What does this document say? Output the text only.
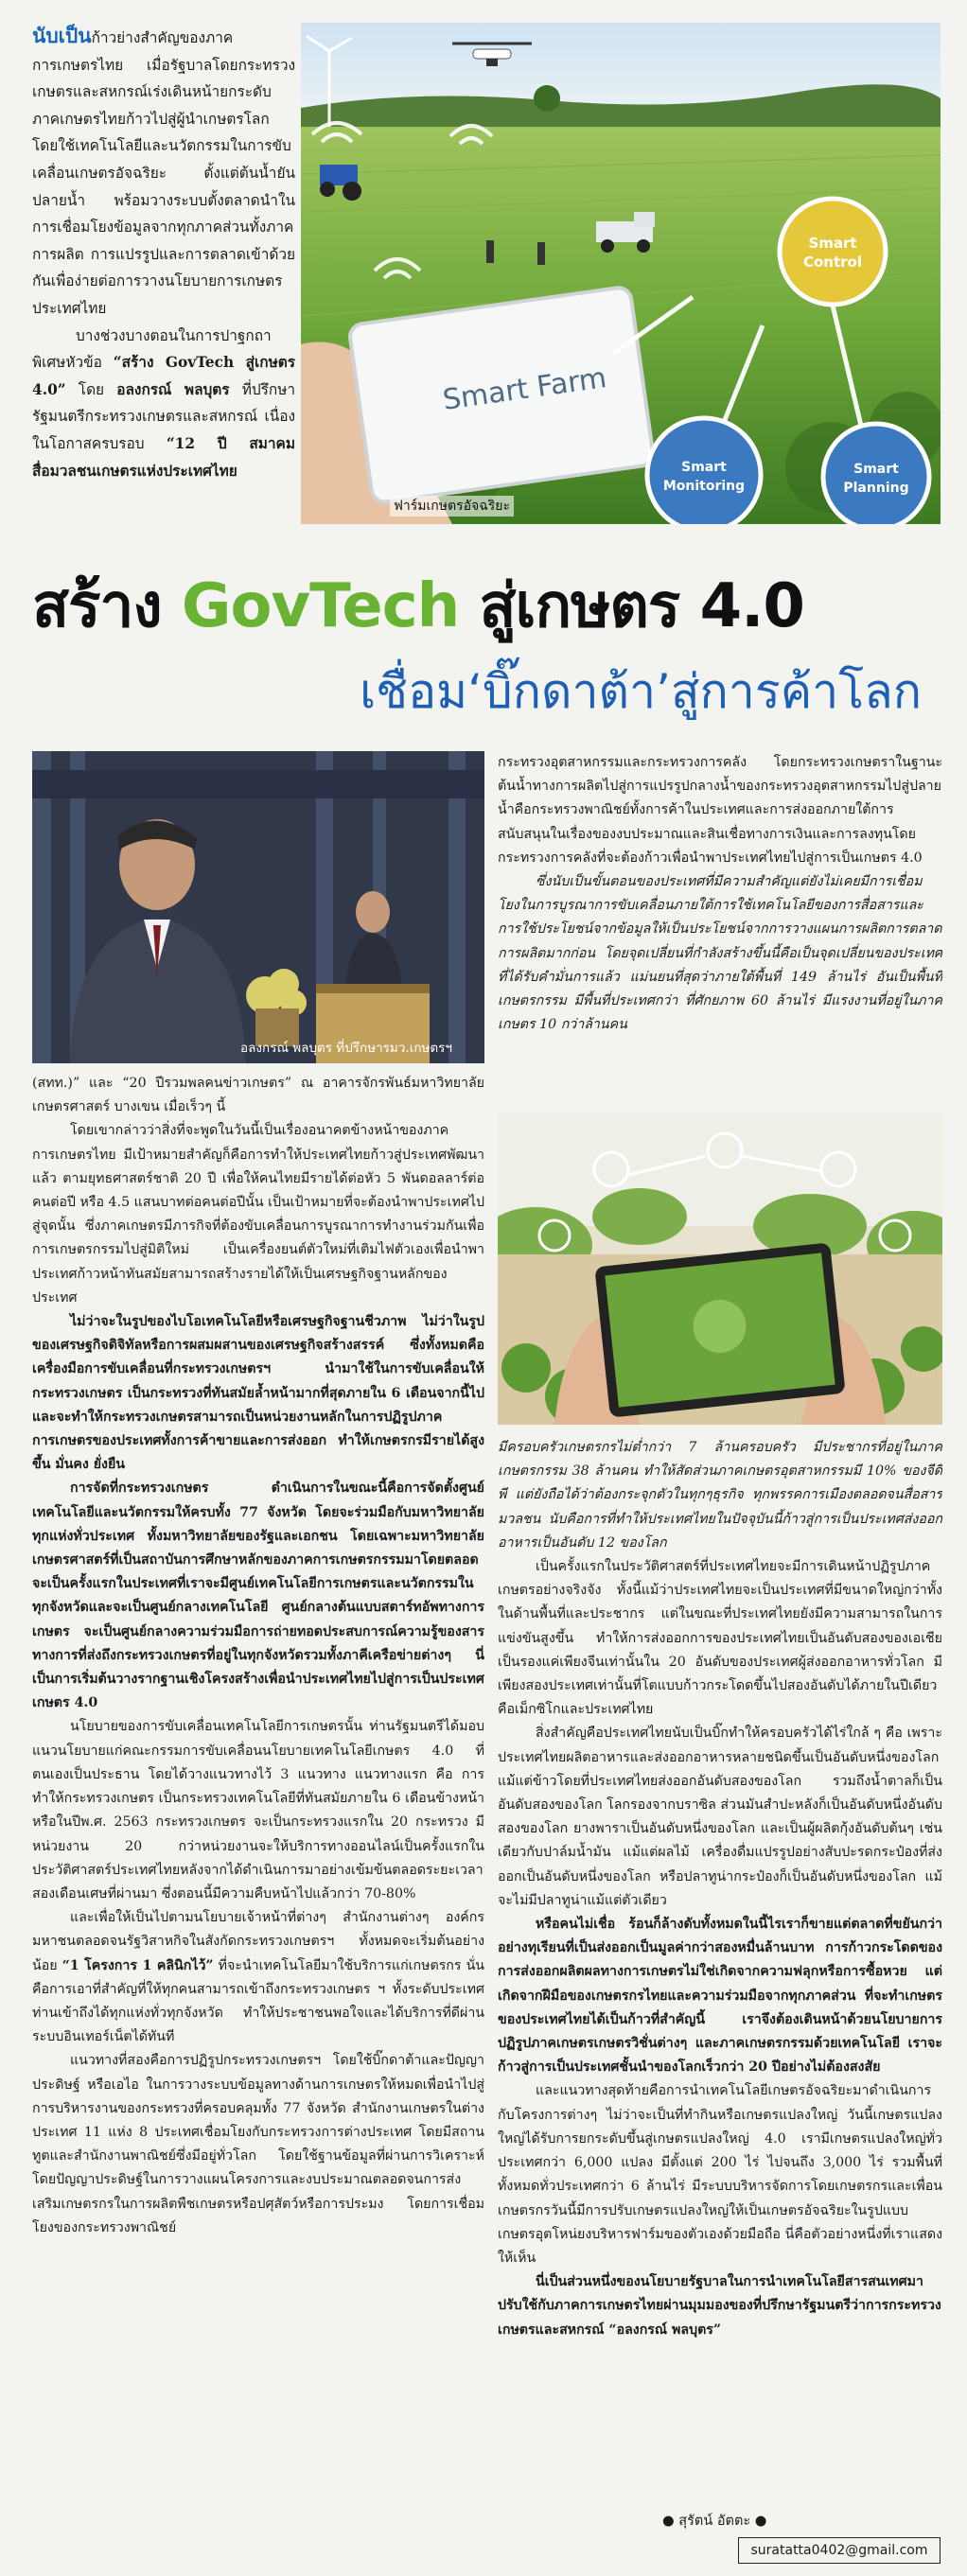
นับเป็นก้าวย่างสำคัญของภาคการเกษตรไทย เมื่อรัฐบาลโดยกระทรวงเกษตรและสหกรณ์เร่งเดินหน้ายกระดับภาคเกษตรไทยก้าวไปสู่ผู้นำเกษตรโลก โดยใช้เทคโนโลยีและนวัตกรรมในการขับเคลื่อนเกษตรอัจฉริยะ ตั้งแต่ต้นน้ำยันปลายน้ำ พร้อมวางระบบตั้งตลาดนำในการเชื่อมโยงข้อมูลจากทุกภาคส่วนทั้งภาคการผลิต การแปรรูปและการตลาดเข้าด้วยกันเพื่อง่ายต่อการวางนโยบายการเกษตรประเทศไทย

บางช่วงบางตอนในการปาฐกถาพิเศษหัวข้อ “สร้าง GovTech สู่เกษตร 4.0” โดย อลงกรณ์ พลบุตร ที่ปรึกษารัฐมนตรีกระทรวงเกษตรและสหกรณ์ เนื่องในโอกาสครบรอบ “12 ปี สมาคมสื่อมวลชนเกษตรแห่งประเทศไทย

Smart Farm
Smart
Control
Smart
Monitoring
Smart
Planning
ฟาร์มเกษตรอัจฉริยะ
สร้าง GovTech สู่เกษตร 4.0
เชื่อม‘บิ๊กดาต้า’สู่การค้าโลก
อลงกรณ์ พลบุตร ที่ปรึกษารมว.เกษตรฯ

กระทรวงอุตสาหกรรมและกระทรวงการคลัง โดยกระทรวงเกษตราในฐานะต้นน้ำทางการผลิตไปสู่การแปรรูปกลางน้ำของกระทรวงอุตสาหกรรมไปสู่ปลายน้ำคือกระทรวงพาณิชย์ทั้งการค้าในประเทศและการส่งออกภายใต้การสนับสนุนในเรื่องของงบประมาณและสินเชื่อทางการเงินและการลงทุนโดยกระทรวงการคลังที่จะต้องก้าวเพื่อนำพาประเทศไทยไปสู่การเป็นเกษตร 4.0

ซึ่งนับเป็นขั้นตอนของประเทศที่มีความสำคัญแต่ยังไม่เคยมีการเชื่อมโยงในการบูรณาการขับเคลื่อนภายใต้การใช้เทคโนโลยีของการสื่อสารและการใช้ประโยชน์จากข้อมูลให้เป็นประโยชน์จากการวางแผนการผลิตการตลาด การผลิตมากก่อน โดยจุดเปลี่ยนที่กำลังสร้างขึ้นนี้คือเป็นจุดเปลี่ยนของประเทศที่ได้รับคำมั่นการแล้ว แม่นยนที่สุดว่าภายใต้พื้นที่ 149 ล้านไร่ อันเป็นพื้นที่เกษตรกรรม มีพื้นที่ประเทศกว่า ที่ศักยภาพ 60 ล้านไร่ มีแรงงานที่อยู่ในภาคเกษตร 10 กว่าล้านคน

(สทท.)” และ “20 ปีรวมพลคนข่าวเกษตร” ณ อาคารจักรพันธ์มหาวิทยาลัยเกษตรศาสตร์ บางเขน เมื่อเร็วๆ นี้

โดยเขากล่าวว่าสิ่งที่จะพูดในวันนี้เป็นเรื่องอนาคตข้างหน้าของภาคการเกษตรไทย มีเป้าหมายสำคัญก็คือการทำให้ประเทศไทยก้าวสู่ประเทศพัฒนาแล้ว ตามยุทธศาสตร์ชาติ 20 ปี เพื่อให้คนไทยมีรายได้ต่อหัว 5 พันดอลลาร์ต่อคนต่อปี หรือ 4.5 แสนบาทต่อคนต่อปีนั้น เป็นเป้าหมายที่จะต้องนำพาประเทศไปสู่จุดนั้น ซึ่งภาคเกษตรมีภารกิจที่ต้องขับเคลื่อนการบูรณาการทำงานร่วมกันเพื่อการเกษตรกรรมไปสู่มิติใหม่ เป็นเครื่องยนต์ตัวใหม่ที่เติมไฟตัวเองเพื่อนำพาประเทศก้าวหน้าทันสมัยสามารถสร้างรายได้ให้เป็นเศรษฐกิจฐานหลักของประเทศ

ไม่ว่าจะในรูปของไบโอเทคโนโลยีหรือเศรษฐกิจฐานชีวภาพ ไม่ว่าในรูปของเศรษฐกิจดิจิทัลหรือการผสมผสานของเศรษฐกิจสร้างสรรค์ ซึ่งทั้งหมดคือเครื่องมือการขับเคลื่อนที่กระทรวงเกษตรฯ นำมาใช้ในการขับเคลื่อนให้กระทรวงเกษตร เป็นกระทรวงที่ทันสมัยล้ำหน้ามากที่สุดภายใน 6 เดือนจากนี้ไปและจะทำให้กระทรวงเกษตรสามารถเป็นหน่วยงานหลักในการปฏิรูปภาคการเกษตรของประเทศทั้งการค้าขายและการส่งออก ทำให้เกษตรกรมีรายได้สูงขึ้น มั่นคง ยั่งยืน

การจัดที่กระทรวงเกษตร ดำเนินการในขณะนี้คือการจัดตั้งศูนย์เทคโนโลยีและนวัตกรรมให้ครบทั้ง 77 จังหวัด โดยจะร่วมมือกับมหาวิทยาลัยทุกแห่งทั่วประเทศ ทั้งมหาวิทยาลัยของรัฐและเอกชน โดยเฉพาะมหาวิทยาลัยเกษตรศาสตร์ที่เป็นสถาบันการศึกษาหลักของภาคการเกษตรกรรมมาโดยตลอด จะเป็นครั้งแรกในประเทศที่เราจะมีศูนย์เทคโนโลยีการเกษตรและนวัตกรรมในทุกจังหวัดและจะเป็นศูนย์กลางเทคโนโลยี ศูนย์กลางต้นแบบสตาร์ทอัพทางการเกษตร จะเป็นศูนย์กลางความร่วมมือการถ่ายทอดประสบการณ์ความรู้ของสารทางการที่ส่งถึงกระทรวงเกษตรที่อยู่ในทุกจังหวัดรวมทั้งภาคีเครือข่ายต่างๆ นี่เป็นการเริ่มต้นวางรากฐานเชิงโครงสร้างเพื่อนำประเทศไทยไปสู่การเป็นประเทศเกษตร 4.0

นโยบายของการขับเคลื่อนเทคโนโลยีการเกษตรนั้น ท่านรัฐมนตรีได้มอบแนวนโยบายแก่คณะกรรมการขับเคลื่อนนโยบายเทคโนโลยีเกษตร 4.0 ที่ตนเองเป็นประธาน โดยได้วางแนวทางไว้ 3 แนวทาง แนวทางแรก คือ การทำให้กระทรวงเกษตร เป็นกระทรวงเทคโนโลยีที่ทันสมัยภายใน 6 เดือนข้างหน้าหรือในปีพ.ศ. 2563 กระทรวงเกษตร จะเป็นกระทรวงแรกใน 20 กระทรวง มีหน่วยงาน 20 กว่าหน่วยงานจะให้บริการทางออนไลน์เป็นครั้งแรกในประวัติศาสตร์ประเทศไทยหลังจากได้ดำเนินการมาอย่างเข้มข้นตลอดระยะเวลาสองเดือนเศษที่ผ่านมา ซึ่งตอนนี้มีความคืบหน้าไปแล้วกว่า 70-80%

และเพื่อให้เป็นไปตามนโยบายเจ้าหน้าที่ต่างๆ สำนักงานต่างๆ องค์กรมหาชนตลอดจนรัฐวิสาหกิจในสังกัดกระทรวงเกษตรฯ ทั้งหมดจะเริ่มต้นอย่างน้อย “1 โครงการ 1 คลินิกไว้” ที่จะนำเทคโนโลยีมาใช้บริการแก่เกษตรกร นั่นคือการเอาที่สำคัญที่ให้ทุกคนสามารถเข้าถึงกระทรวงเกษตร ฯ ทั้งระดับประเทศ ท่านเข้าถึงได้ทุกแห่งทั่วทุกจังหวัด ทำให้ประชาชนพอใจและได้บริการที่ดีผ่านระบบอินเทอร์เน็ตได้ทันที

แนวทางที่สองคือการปฏิรูปกระทรวงเกษตรฯ โดยใช้บิ๊กดาต้าและปัญญาประดิษฐ์ หรือเอไอ ในการวางระบบข้อมูลทางด้านการเกษตรให้หมดเพื่อนำไปสู่การบริหารงานของกระทรวงที่ครอบคลุมทั้ง 77 จังหวัด สำนักงานเกษตรในต่างประเทศ 11 แห่ง 8 ประเทศเชื่อมโยงกับกระทรวงการต่างประเทศ โดยมีสถานทูตและสำนักงานพาณิชย์ซึ่งมีอยู่ทั่วโลก โดยใช้ฐานข้อมูลที่ผ่านการวิเคราะห์โดยปัญญาประดิษฐ์ในการวางแผนโครงการและงบประมาณตลอดจนการส่งเสริมเกษตรกรในการผลิตพืชเกษตรหรือปศุสัตว์หรือการประมง โดยการเชื่อมโยงของกระทรวงพาณิชย์

มีครอบครัวเกษตรกรไม่ต่ำกว่า 7 ล้านครอบครัว มีประชากรที่อยู่ในภาคเกษตรกรรม 38 ล้านคน ทำให้สัดส่วนภาคเกษตรอุตสาหกรรมมี 10% ของจีดีพี แต่ยังถือได้ว่าต้องกระจุกตัวในทุกๆธุรกิจ ทุกพรรคการเมืองตลอดจนสื่อสารมวลชน นับคือการที่ทำให้ประเทศไทยในปัจจุบันนี้ก้าวสู่การเป็นประเทศส่งออกอาหารเป็นอันดับ 12 ของโลก

เป็นครั้งแรกในประวัติศาสตร์ที่ประเทศไทยจะมีการเดินหน้าปฏิรูปภาคเกษตรอย่างจริงจัง ทั้งนี้แม้ว่าประเทศไทยจะเป็นประเทศที่มีขนาดใหญ่กว่าทั้งในด้านพื้นที่และประชากร แต่ในขณะที่ประเทศไทยยังมีความสามารถในการแข่งขันสูงขึ้น ทำให้การส่งออกการของประเทศไทยเป็นอันดับสองของเอเชีย เป็นรองแค่เพียงจีนเท่านั้นใน 20 อันดับของประเทศผู้ส่งออกอาหารทั่วโลก มีเพียงสองประเทศเท่านั้นที่โตแบบก้าวกระโดดขึ้นไปสองอันดับได้ภายในปีเดียวคือเม็กซิโกและประเทศไทย

สิ่งสำคัญคือประเทศไทยนับเป็นบิ๊กทำให้ครอบครัวได้ไร่ใกล้ ๆ คือ เพราะประเทศไทยผลิตอาหารและส่งออกอาหารหลายชนิดขึ้นเป็นอันดับหนึ่งของโลกแม้แต่ข้าวโดยที่ประเทศไทยส่งออกอันดับสองของโลก รวมถึงน้ำตาลก็เป็นอันดับสองของโลก โลกรองจากบราซิล ส่วนมันสำปะหลังก็เป็นอันดับหนึ่งอันดับสองของโลก ยางพาราเป็นอันดับหนึ่งของโลก และเป็นผู้ผลิตกุ้งอันดับต้นๆ เช่นเดียวกับปาล์มน้ำมัน แม้แต่ผลไม้ เครื่องดื่มแปรรูปอย่างสับปะรดกระป๋องที่ส่งออกเป็นอันดับหนึ่งของโลก หรือปลาทูน่ากระป๋องก็เป็นอันดับหนึ่งของโลก แม้จะไม่มีปลาทูน่าแม้แต่ตัวเดียว

หรือคนไม่เชื่อ ร้อนก็ล้างดับทั้งหมดในนี้ไรเราก็ขายแต่ตลาดที่ขยันกว่า อย่างทุเรียนที่เป็นส่งออกเป็นมูลค่ากว่าสองหมื่นล้านบาท การก้าวกระโดดของการส่งออกผลิตผลทางการเกษตรไม่ใช่เกิดจากความฟลุกหรือการซื้อหวย แต่เกิดจากฝีมือของเกษตรกรไทยและความร่วมมือจากทุกภาคส่วน ที่จะทำเกษตรของประเทศไทยได้เป็นก้าวที่สำคัญนี้ เราจึงต้องเดินหน้าด้วยนโยบายการปฏิรูปภาคเกษตรเกษตรวิชั่นต่างๆ และภาคเกษตรกรรมด้วยเทคโนโลยี เราจะก้าวสู่การเป็นประเทศชั้นนำของโลกเร็วกว่า 20 ปีอย่างไม่ต้องสงสัย

และแนวทางสุดท้ายคือการนำเทคโนโลยีเกษตรอัจฉริยะมาดำเนินการกับโครงการต่างๆ ไม่ว่าจะเป็นที่ทำกินหรือเกษตรแปลงใหญ่ วันนี้เกษตรแปลงใหญ่ได้รับการยกระดับขึ้นสู่เกษตรแปลงใหญ่ 4.0 เรามีเกษตรแปลงใหญ่ทั่วประเทศกว่า 6,000 แปลง มีตั้งแต่ 200 ไร่ ไปจนถึง 3,000 ไร่ รวมพื้นที่ทั้งหมดทั่วประเทศกว่า 6 ล้านไร่ มีระบบบริหารจัดการโดยเกษตรกรและเพื่อนเกษตรกรวันนี้มีการปรับเกษตรแปลงใหญ่ให้เป็นเกษตรอัจฉริยะในรูปแบบเกษตรอุตโหน่ยงบริหารฟาร์มของตัวเองด้วยมือถือ นี่คือตัวอย่างหนึ่งที่เราแสดงให้เห็น

นี่เป็นส่วนหนึ่งของนโยบายรัฐบาลในการนำเทคโนโลยีสารสนเทศมาปรับใช้กับภาคการเกษตรไทยผ่านมุมมองของที่ปรึกษารัฐมนตรีว่าการกระทรวงเกษตรและสหกรณ์ “อลงกรณ์ พลบุตร”

● สุรัตน์ อัตตะ ●
suratatta0402@gmail.com
